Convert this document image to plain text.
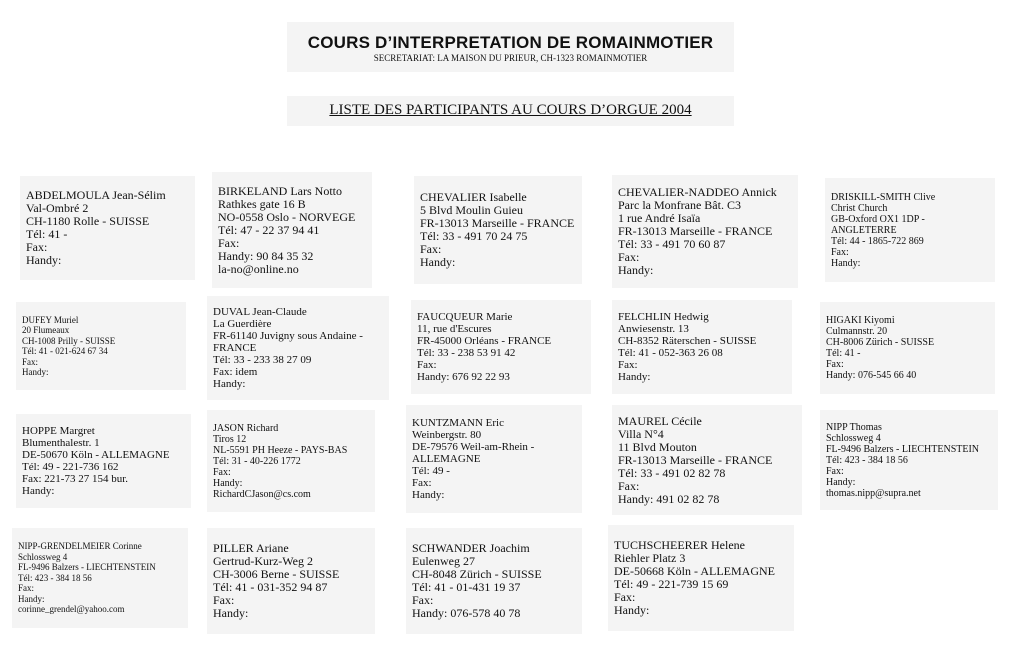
COURS D’INTERPRETATION DE ROMAINMOTIER
SECRETARIAT: LA MAISON DU PRIEUR, CH-1323 ROMAINMOTIER
LISTE DES PARTICIPANTS AU COURS D’ORGUE 2004
ABDELMOULA Jean-Sélim
Val-Ombré 2
CH-1180 Rolle - SUISSE
Tél: 41 -
Fax:
Handy:
BIRKELAND Lars Notto
Rathkes gate 16 B
NO-0558 Oslo - NORVEGE
Tél: 47 - 22 37 94 41
Fax:
Handy: 90 84 35 32
la-no@online.no
CHEVALIER Isabelle
5 Blvd Moulin Guieu
FR-13013 Marseille - FRANCE
Tél: 33 - 491 70 24 75
Fax:
Handy:
CHEVALIER-NADDEO Annick
Parc la Monfrane Bât. C3
1 rue André Isaïa
FR-13013 Marseille - FRANCE
Tél: 33 - 491 70 60 87
Fax:
Handy:
DRISKILL-SMITH Clive
Christ Church
GB-Oxford OX1 1DP -
ANGLETERRE
Tél: 44 - 1865-722 869
Fax:
Handy:
DUFEY Muriel
20 Flumeaux
CH-1008 Prilly - SUISSE
Tél: 41 - 021-624 67 34
Fax:
Handy:
DUVAL Jean-Claude
La Guerdière
FR-61140 Juvigny sous Andaine -
FRANCE
Tél: 33 - 233 38 27 09
Fax: idem
Handy:
FAUCQUEUR Marie
11, rue d'Escures
FR-45000 Orléans - FRANCE
Tél: 33 - 238 53 91 42
Fax:
Handy: 676 92 22 93
FELCHLIN Hedwig
Anwiesenstr. 13
CH-8352 Räterschen - SUISSE
Tél: 41 - 052-363 26 08
Fax:
Handy:
HIGAKI Kiyomi
Culmannstr. 20
CH-8006 Zürich - SUISSE
Tél: 41 -
Fax:
Handy: 076-545 66 40
HOPPE Margret
Blumenthalestr. 1
DE-50670 Köln - ALLEMAGNE
Tél: 49 - 221-736 162
Fax: 221-73 27 154 bur.
Handy:
JASON Richard
Tiros 12
NL-5591 PH Heeze - PAYS-BAS
Tél: 31 - 40-226 1772
Fax:
Handy:
RichardCJason@cs.com
KUNTZMANN Eric
Weinbergstr. 80
DE-79576 Weil-am-Rhein -
ALLEMAGNE
Tél: 49 -
Fax:
Handy:
MAUREL Cécile
Villa N°4
11 Blvd Mouton
FR-13013 Marseille - FRANCE
Tél: 33 - 491 02 82 78
Fax:
Handy: 491 02 82 78
NIPP Thomas
Schlossweg 4
FL-9496 Balzers - LIECHTENSTEIN
Tél: 423 - 384 18 56
Fax:
Handy:
thomas.nipp@supra.net
NIPP-GRENDELMEIER Corinne
Schlossweg 4
FL-9496 Balzers - LIECHTENSTEIN
Tél: 423 - 384 18 56
Fax:
Handy:
corinne_grendel@yahoo.com
PILLER Ariane
Gertrud-Kurz-Weg 2
CH-3006 Berne - SUISSE
Tél: 41 - 031-352 94 87
Fax:
Handy:
SCHWANDER Joachim
Eulenweg 27
CH-8048 Zürich - SUISSE
Tél: 41 - 01-431 19 37
Fax:
Handy: 076-578 40 78
TUCHSCHEERER Helene
Riehler Platz 3
DE-50668 Köln - ALLEMAGNE
Tél: 49 - 221-739 15 69
Fax:
Handy:
